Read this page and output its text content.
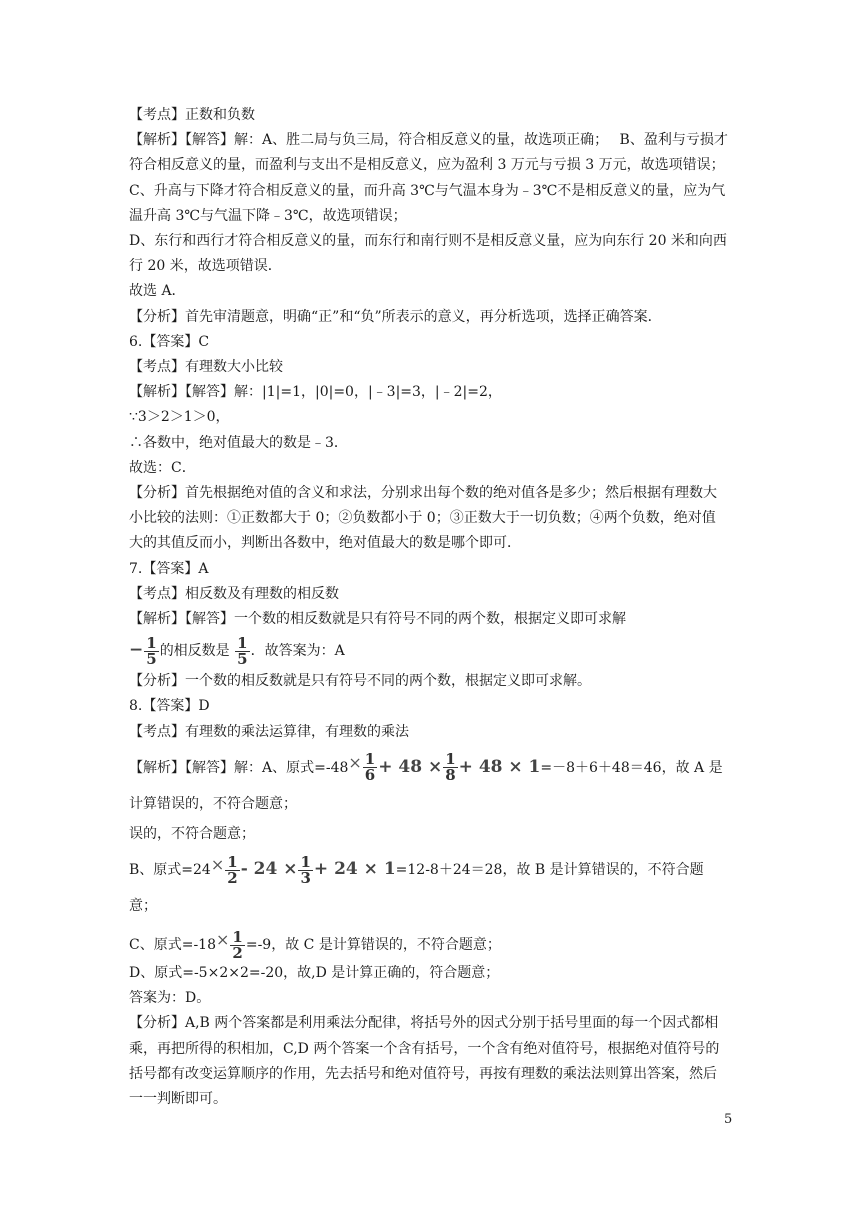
【考点】正数和负数

【解析】【解答】解：A、胜二局与负三局，符合相反意义的量，故选项正确；　 B、盈利与亏损才符合相反意义的量，而盈利与支出不是相反意义，应为盈利 3 万元与亏损 3 万元，故选项错误；

C、升高与下降才符合相反意义的量，而升高 3℃与气温本身为﹣3℃不是相反意义的量，应为气温升高 3℃与气温下降﹣3℃，故选项错误；

D、东行和西行才符合相反意义的量，而东行和南行则不是相反意义量，应为向东行 20 米和向西行 20 米，故选项错误．

故选 A．

【分析】首先审清题意，明确“正”和“负”所表示的意义，再分析选项，选择正确答案．

6.【答案】C

【考点】有理数大小比较

【解析】【解答】解：|1|=1，|0|=0，|﹣3|=3，|﹣2|=2，

∵3＞2＞1＞0，

∴各数中，绝对值最大的数是﹣3．

故选：C．

【分析】首先根据绝对值的含义和求法，分别求出每个数的绝对值各是多少；然后根据有理数大小比较的法则：①正数都大于 0；②负数都小于 0；③正数大于一切负数；④两个负数，绝对值大的其值反而小，判断出各数中，绝对值最大的数是哪个即可．

7.【答案】A

【考点】相反数及有理数的相反数

【解析】【解答】一个数的相反数就是只有符号不同的两个数，根据定义即可求解

− $\frac{1}{5}$ 的相反数是 $\frac{1}{5}$ ．故答案为：A

【分析】一个数的相反数就是只有符号不同的两个数，根据定义即可求解。

8.【答案】D

【考点】有理数的乘法运算律，有理数的乘法

【解析】【解答】解：A、原式$=-48\times \frac{1}{6} + 48 \times \frac{1}{8} + 48 \times 1=-8+6+48=46$，故 A 是计算错误的，不符合题意；

误的，不符合题意；

B、原式$=24\times \frac{1}{2} - 24 \times \frac{1}{3} + 24 \times 1=12-8+24=28$，故 B 是计算错误的，不符合题意；

C、原式$=-18\times \frac{1}{2} =-9$，故 C 是计算错误的，不符合题意；

D、原式=-5×2×2=-20，故,D 是计算正确的，符合题意；

答案为：D。

【分析】A,B 两个答案都是利用乘法分配律，将括号外的因式分别于括号里面的每一个因式都相乘，再把所得的积相加，C,D 两个答案一个含有括号，一个含有绝对值符号，根据绝对值符号的括号都有改变运算顺序的作用，先去括号和绝对值符号，再按有理数的乘法法则算出答案，然后一一判断即可。

5
